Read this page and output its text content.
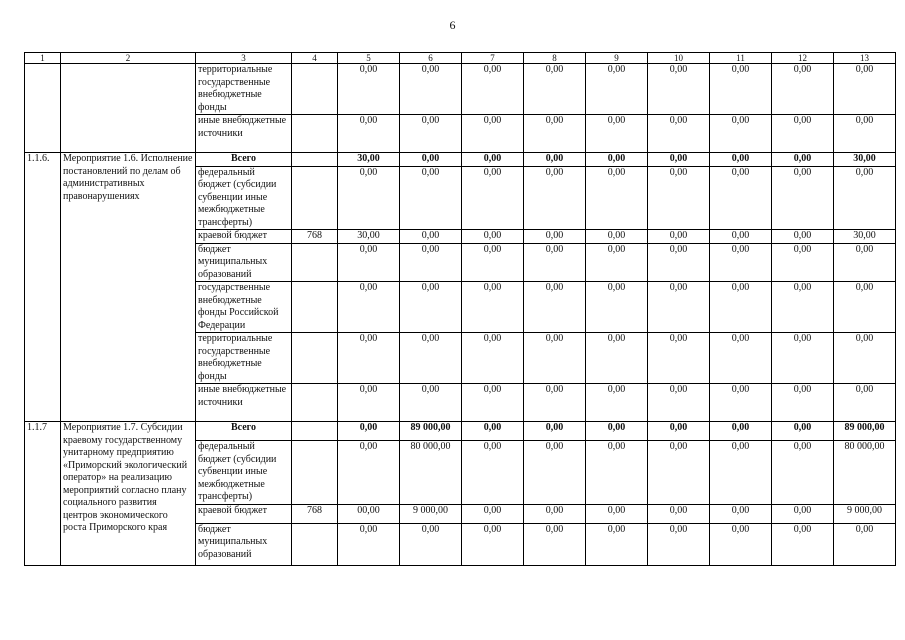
6
1	2	3	4	5	6	7	8	9	10	11	12	13
		территориальные государственные внебюджетные фонды		0,00	0,00	0,00	0,00	0,00	0,00	0,00	0,00	0,00
		иные внебюджетные источники		0,00	0,00	0,00	0,00	0,00	0,00	0,00	0,00	0,00
1.1.6.	Мероприятие 1.6. Исполнение постановлений по делам об административных правонарушениях	Всего		30,00	0,00	0,00	0,00	0,00	0,00	0,00	0,00	30,00
		федеральный бюджет (субсидии субвенции иные межбюджетные трансферты)		0,00	0,00	0,00	0,00	0,00	0,00	0,00	0,00	0,00
		краевой бюджет	768	30,00	0,00	0,00	0,00	0,00	0,00	0,00	0,00	30,00
		бюджет муниципальных образований		0,00	0,00	0,00	0,00	0,00	0,00	0,00	0,00	0,00
		государственные внебюджетные фонды Российской Федерации		0,00	0,00	0,00	0,00	0,00	0,00	0,00	0,00	0,00
		территориальные государственные внебюджетные фонды		0,00	0,00	0,00	0,00	0,00	0,00	0,00	0,00	0,00
		иные внебюджетные источники		0,00	0,00	0,00	0,00	0,00	0,00	0,00	0,00	0,00
1.1.7	Мероприятие 1.7. Субсидии краевому государственному унитарному предприятию «Приморский экологический оператор» на реализацию мероприятий согласно плану социального развития центров экономического роста Приморского края	Всего		0,00	89 000,00	0,00	0,00	0,00	0,00	0,00	0,00	89 000,00
		федеральный бюджет (субсидии субвенции иные межбюджетные трансферты)		0,00	80 000,00	0,00	0,00	0,00	0,00	0,00	0,00	80 000,00
		краевой бюджет	768	00,00	9 000,00	0,00	0,00	0,00	0,00	0,00	0,00	9 000,00
		бюджет муниципальных образований		0,00	0,00	0,00	0,00	0,00	0,00	0,00	0,00	0,00
